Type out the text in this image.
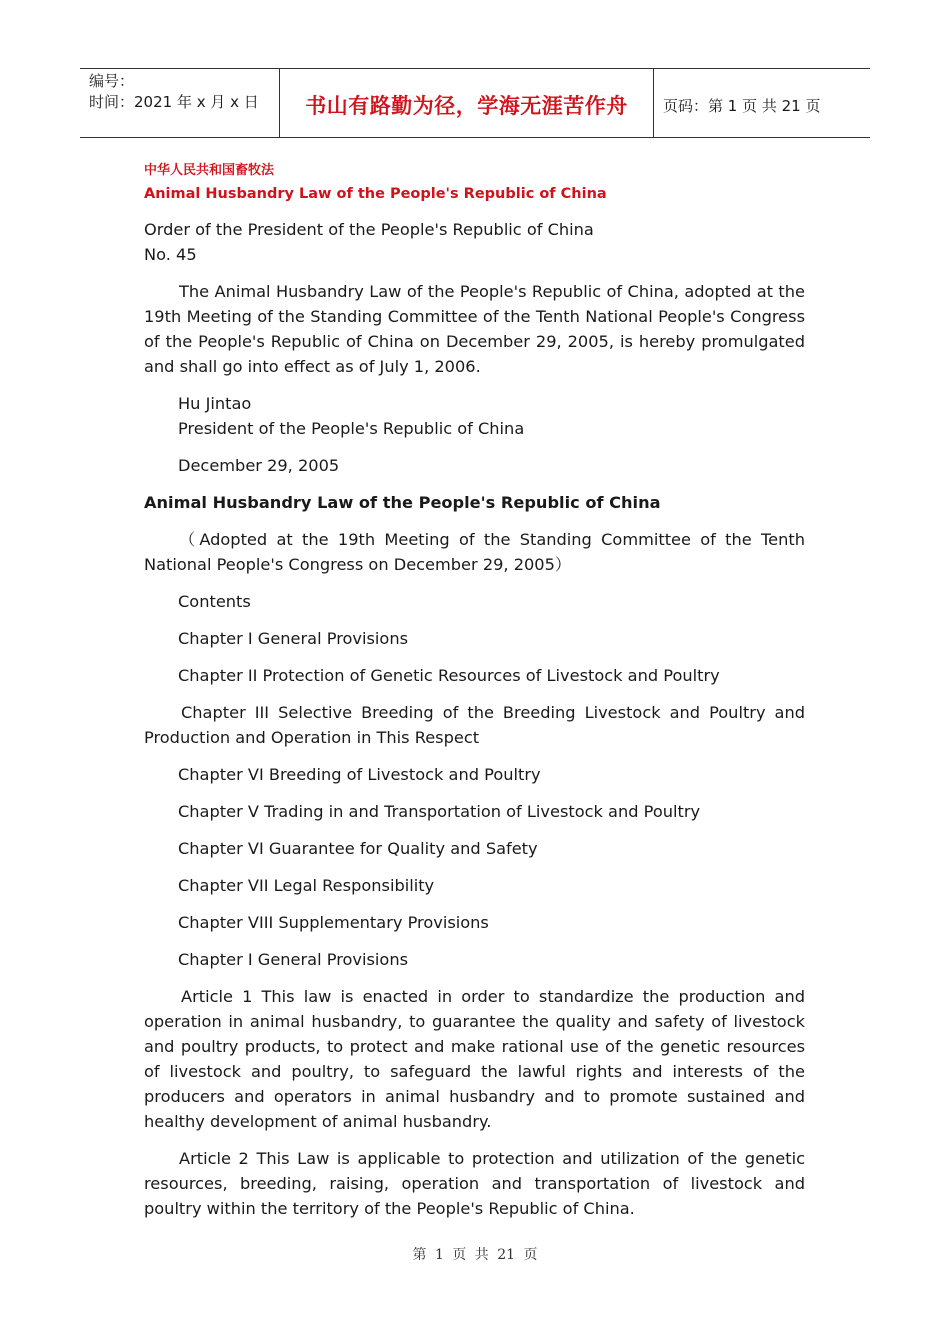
编号：
时间：2021 年 x 月 x 日	书山有路勤为径，学海无涯苦作舟 页码：第 1 页 共 21 页
中华人民共和国畜牧法
Animal Husbandry Law of the People's Republic of China

Order of the President of the People's Republic of China
No. 45

The Animal Husbandry Law of the People's Republic of China, adopted at the 19th Meeting of the Standing Committee of the Tenth National People's Congress of the People's Republic of China on December 29, 2005, is hereby promulgated and shall go into effect as of July 1, 2006.

Hu Jintao
President of the People's Republic of China

December 29, 2005

Animal Husbandry Law of the People's Republic of China

（Adopted at the 19th Meeting of the Standing Committee of the Tenth National People's Congress on December 29, 2005）

Contents

Chapter I General Provisions

Chapter II Protection of Genetic Resources of Livestock and Poultry

Chapter III Selective Breeding of the Breeding Livestock and Poultry and Production and Operation in This Respect

Chapter VI Breeding of Livestock and Poultry

Chapter V Trading in and Transportation of Livestock and Poultry

Chapter VI Guarantee for Quality and Safety

Chapter VII Legal Responsibility

Chapter VIII Supplementary Provisions

Chapter I General Provisions

Article 1 This law is enacted in order to standardize the production and operation in animal husbandry, to guarantee the quality and safety of livestock and poultry products, to protect and make rational use of the genetic resources of livestock and poultry, to safeguard the lawful rights and interests of the producers and operators in animal husbandry and to promote sustained and healthy development of animal husbandry.

Article 2 This Law is applicable to protection and utilization of the genetic resources, breeding, raising, operation and transportation of livestock and poultry within the territory of the People's Republic of China.

第 1 页 共 21 页
